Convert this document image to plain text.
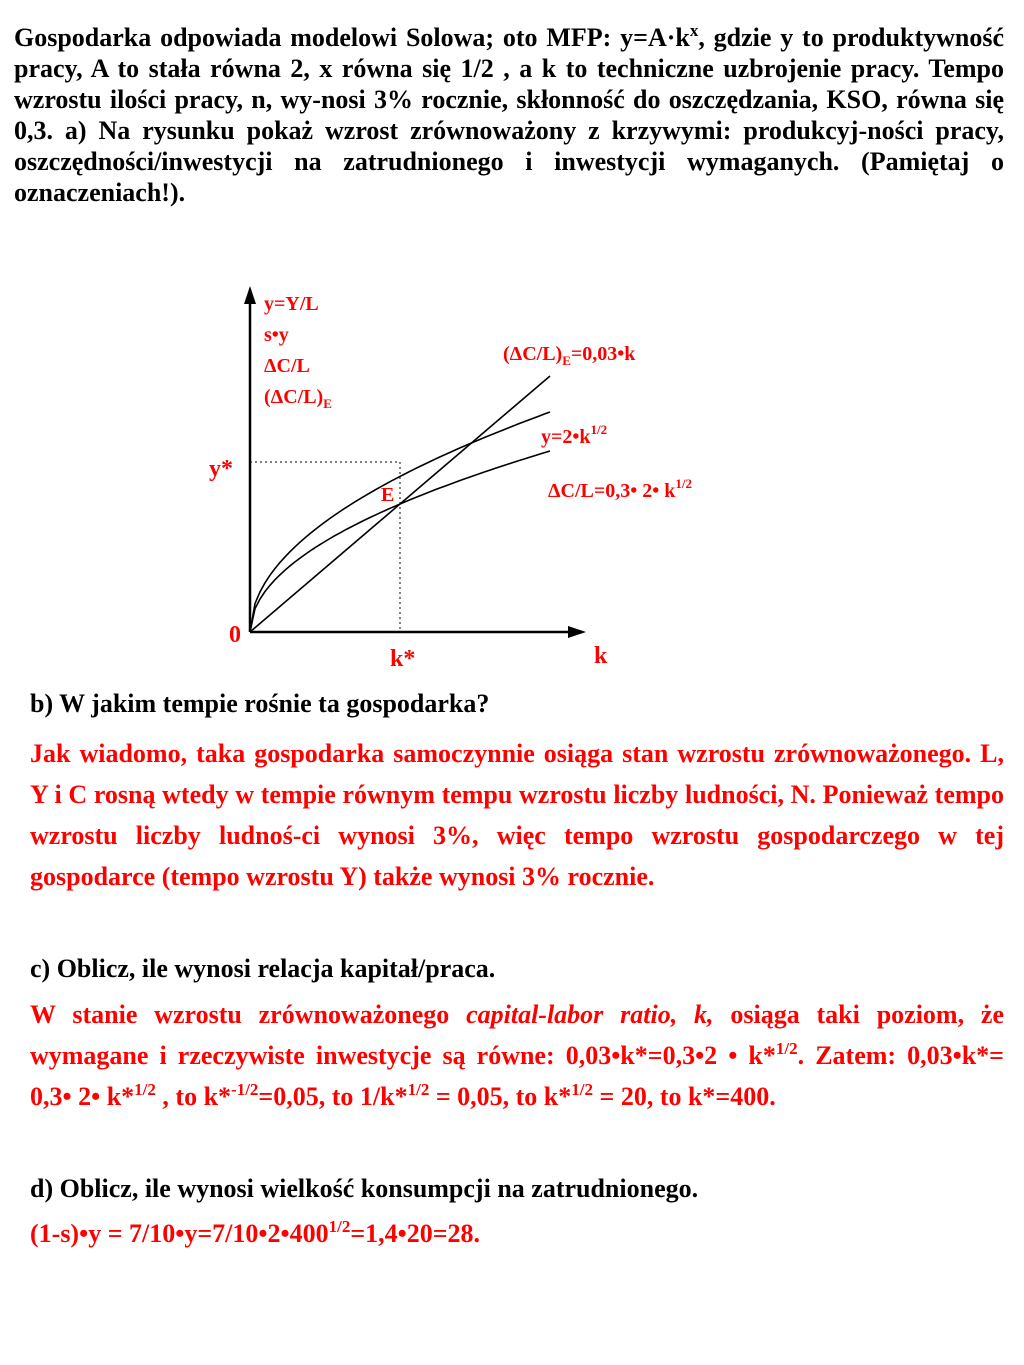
Gospodarka odpowiada modelowi Solowa; oto MFP: $y=A\cdot k^x$, gdzie y to produktywność pracy, A to stała równa 2, x równa się 1/2 , a k to techniczne uzbrojenie pracy. Tempo wzrostu ilości pracy, n, wy-nosi 3% rocznie, skłonność do oszczędzania, KSO, równa się 0,3. a) Na rysunku pokaż wzrost zrównoważony z krzywymi: produkcyj-ności pracy, oszczędności/inwestycji na zatrudnionego i inwestycji wymaganych. (Pamiętaj o oznaczeniach!).

y=Y/L
s•y
ΔC/L
$(\Delta C/L)_E$
$(\Delta C/L)_E=0,03•k$
$y=2•k^{1/2}$
ΔC/L=0,3• 2• $k^{1/2}$
E
y*
0
k*	k

b) W jakim tempie rośnie ta gospodarka?

Jak wiadomo, taka gospodarka samoczynnie osiąga stan wzrostu zrównoważonego. L, Y i C rosną wtedy w tempie równym tempu wzrostu liczby ludności, N. Ponieważ tempo wzrostu liczby ludnoś-ci wynosi 3%, więc tempo wzrostu gospodarczego w tej gospodarce (tempo wzrostu Y) także wynosi 3% rocznie.

c) Oblicz, ile wynosi relacja kapitał/praca.

W stanie wzrostu zrównoważonego capital-labor ratio, k, osiąga taki poziom, że wymagane i rzeczywiste inwestycje są równe: 0,03•k*=0,3•2 • k*$^{1/2}$. Zatem: 0,03•k*= 0,3• 2• k*$^{1/2}$ , to k*$^{-1/2}$=0,05, to 1/k*$^{1/2}$ = 0,05, to k*$^{1/2}$ = 20, to k*=400.

d) Oblicz, ile wynosi wielkość konsumpcji na zatrudnionego.

(1-s)•y = $7/10•y=7/10•2•400^{1/2}=1,4•20=28$.
